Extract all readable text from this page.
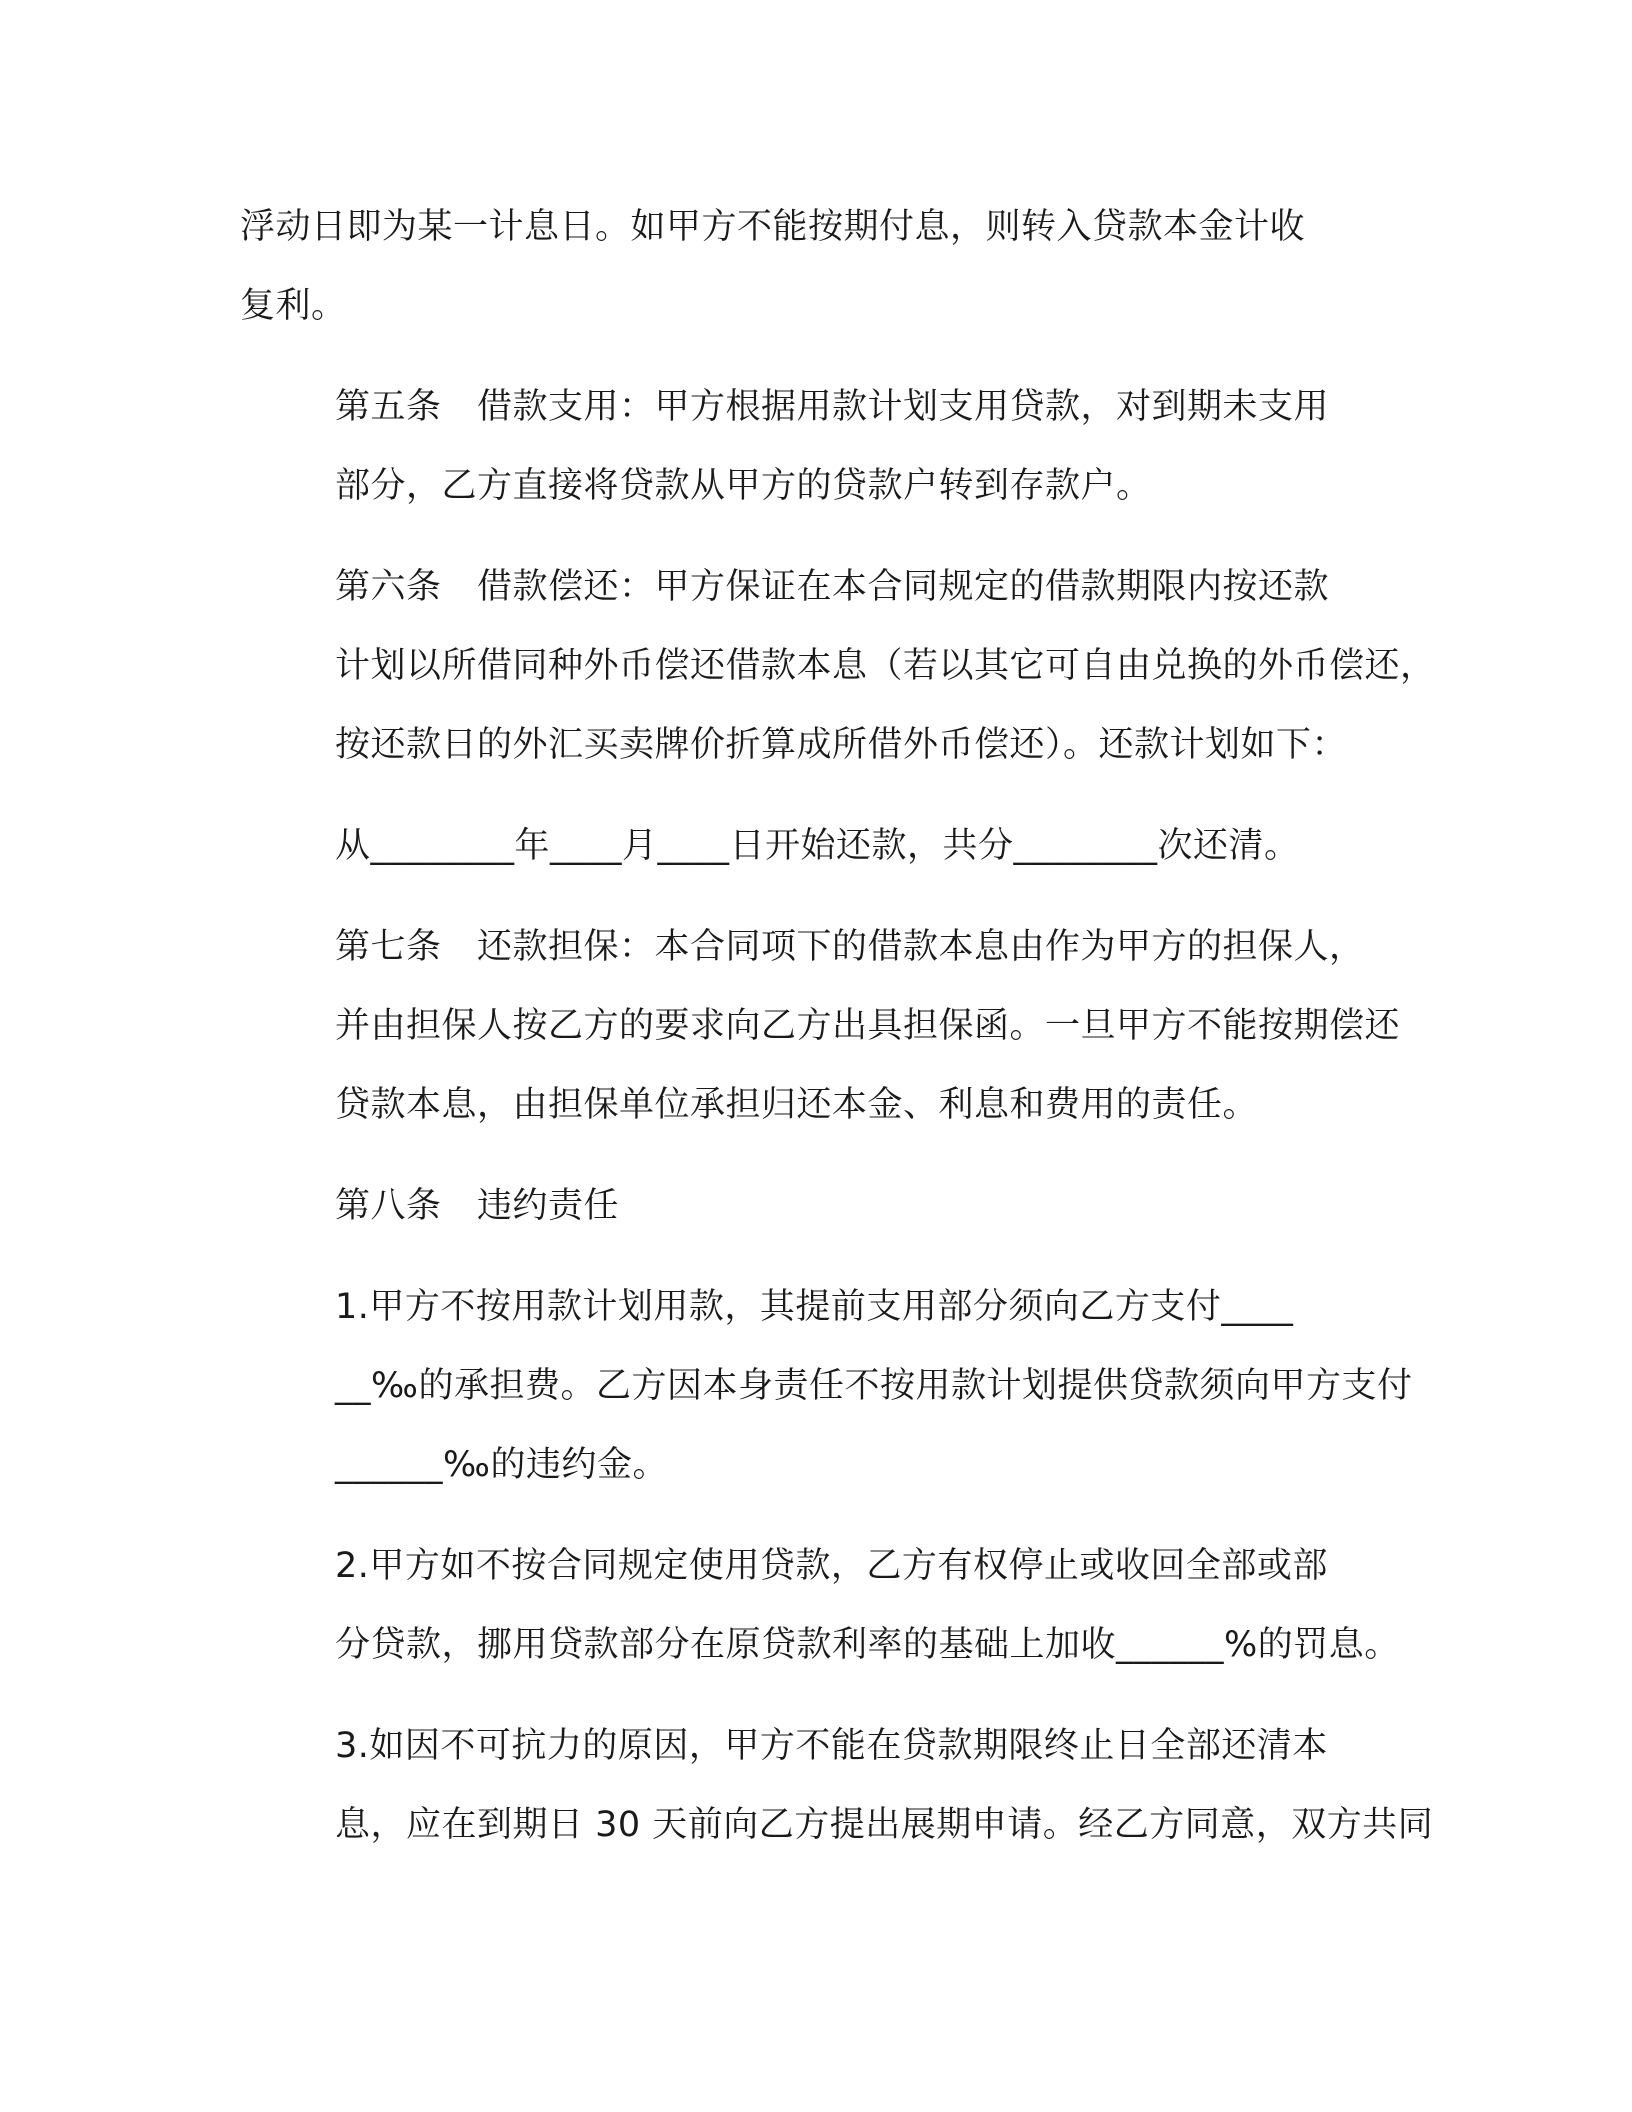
浮动日即为某一计息日。如甲方不能按期付息，则转入贷款本金计收
复利。
第五条　借款支用：甲方根据用款计划支用贷款，对到期未支用
部分，乙方直接将贷款从甲方的贷款户转到存款户。
第六条　借款偿还：甲方保证在本合同规定的借款期限内按还款
计划以所借同种外币偿还借款本息（若以其它可自由兑换的外币偿还，
按还款日的外汇买卖牌价折算成所借外币偿还）。还款计划如下：
从________年____月____日开始还款，共分________次还清。
第七条　还款担保：本合同项下的借款本息由作为甲方的担保人，
并由担保人按乙方的要求向乙方出具担保函。一旦甲方不能按期偿还
贷款本息，由担保单位承担归还本金、利息和费用的责任。
第八条　违约责任
1.甲方不按用款计划用款，其提前支用部分须向乙方支付____
__‰的承担费。乙方因本身责任不按用款计划提供贷款须向甲方支付
______‰的违约金。
2.甲方如不按合同规定使用贷款，乙方有权停止或收回全部或部
分贷款，挪用贷款部分在原贷款利率的基础上加收______%的罚息。
3.如因不可抗力的原因，甲方不能在贷款期限终止日全部还清本
息，应在到期日 30 天前向乙方提出展期申请。经乙方同意，双方共同
